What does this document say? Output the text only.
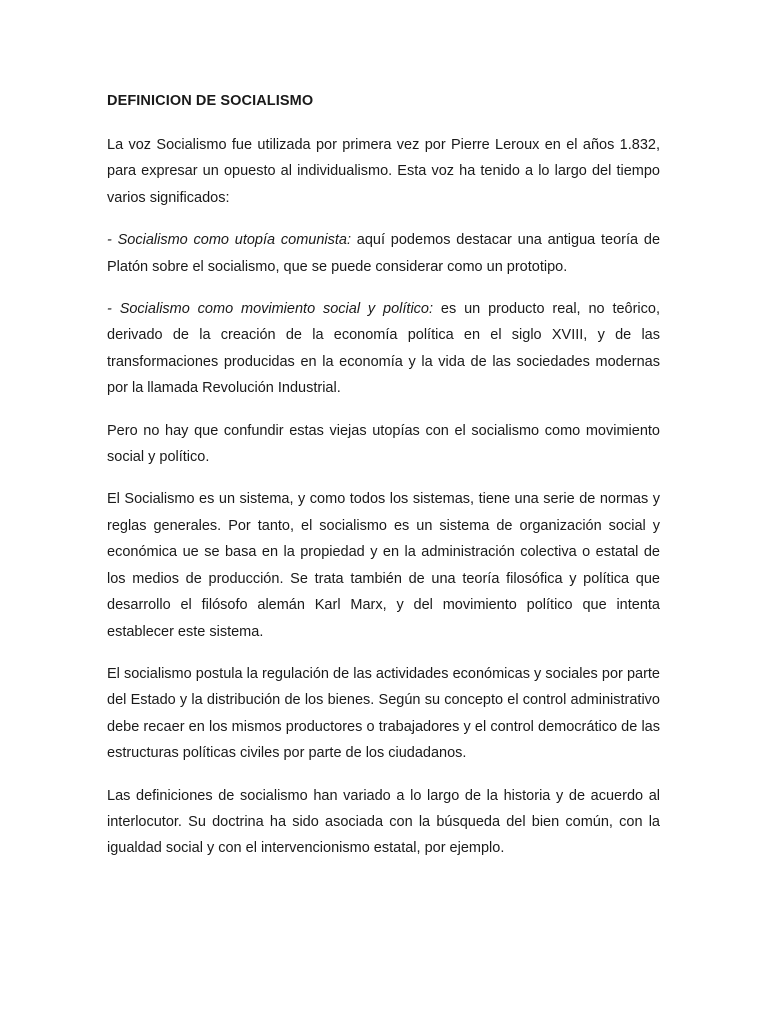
DEFINICION DE SOCIALISMO

La voz Socialismo fue utilizada por primera vez por Pierre Leroux en el años 1.832, para expresar un opuesto al individualismo. Esta voz ha tenido a lo largo del tiempo varios significados:

- Socialismo como utopía comunista: aquí podemos destacar una antigua teoría de Platón sobre el socialismo, que se puede considerar como un prototipo.

- Socialismo como movimiento social y político: es un producto real, no teôrico, derivado de la creación de la economía política en el siglo XVIII, y de las transformaciones producidas en la economía y la vida de las sociedades modernas por la llamada Revolución Industrial.

Pero no hay que confundir estas viejas utopías con el socialismo como movimiento social y político.

El Socialismo es un sistema, y como todos los sistemas, tiene una serie de normas y reglas generales. Por tanto, el socialismo es un sistema de organización social y económica ue se basa en la propiedad y en la administración colectiva o estatal de los medios de producción. Se trata también de una teoría filosófica y política que desarrollo el filósofo alemán Karl Marx, y del movimiento político que intenta establecer este sistema.

El socialismo postula la regulación de las actividades económicas y sociales por parte del Estado y la distribución de los bienes. Según su concepto el control administrativo debe recaer en los mismos productores o trabajadores y el control democrático de las estructuras políticas civiles por parte de los ciudadanos.

Las definiciones de socialismo han variado a lo largo de la historia y de acuerdo al interlocutor. Su doctrina ha sido asociada con la búsqueda del bien común, con la igualdad social y con el intervencionismo estatal, por ejemplo.
